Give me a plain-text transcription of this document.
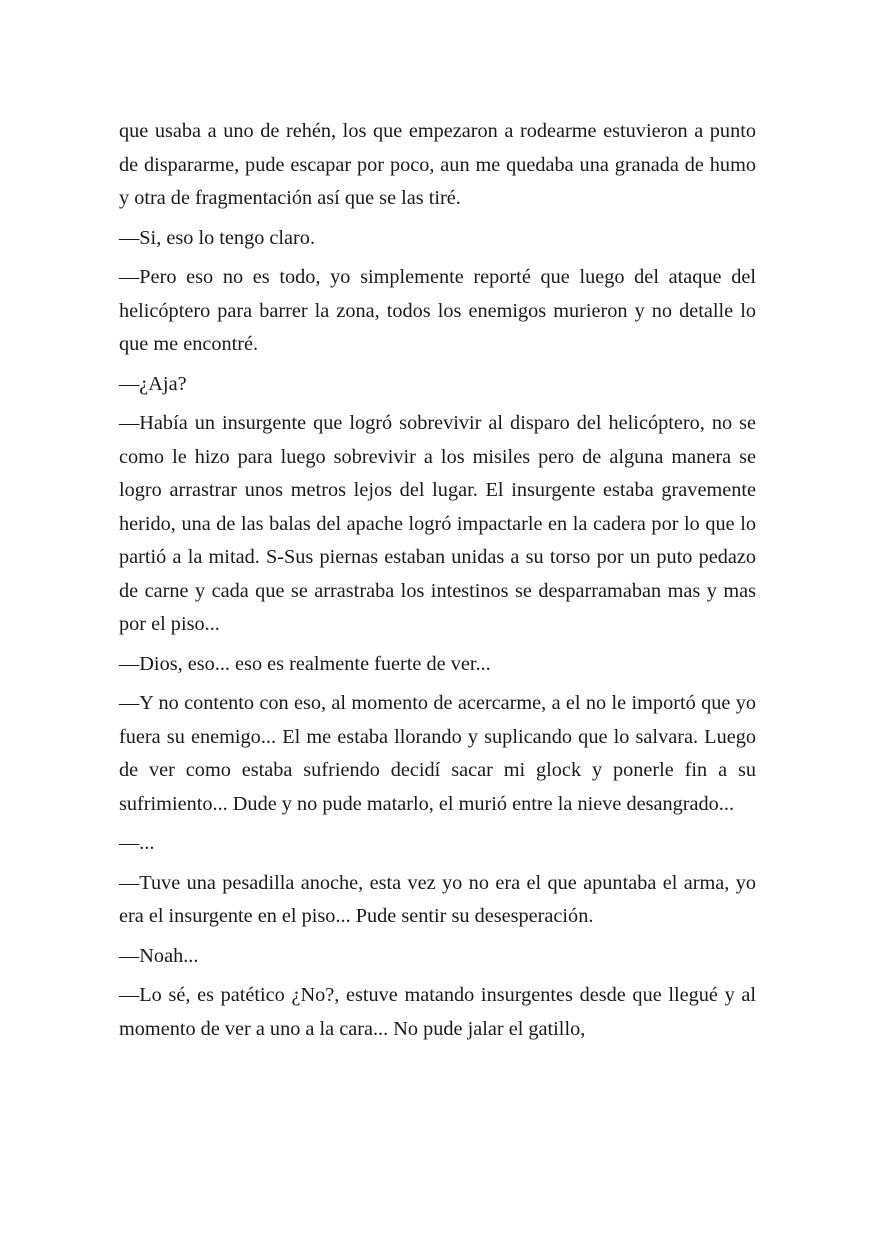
que usaba a uno de rehén, los que empezaron a rodearme estuvieron a punto de dispararme, pude escapar por poco, aun me quedaba una granada de humo y otra de fragmentación así que se las tiré.

—Si, eso lo tengo claro.

—Pero eso no es todo, yo simplemente reporté que luego del ataque del helicóptero para barrer la zona, todos los enemigos murieron y no detalle lo que me encontré.

—¿Aja?

—Había un insurgente que logró sobrevivir al disparo del helicóptero, no se como le hizo para luego sobrevivir a los misiles pero de alguna manera se logro arrastrar unos metros lejos del lugar. El insurgente estaba gravemente herido, una de las balas del apache logró impactarle en la cadera por lo que lo partió a la mitad. S-Sus piernas estaban unidas a su torso por un puto pedazo de carne y cada que se arrastraba los intestinos se desparramaban mas y mas por el piso...

—Dios, eso... eso es realmente fuerte de ver...

—Y no contento con eso, al momento de acercarme, a el no le importó que yo fuera su enemigo... El me estaba llorando y suplicando que lo salvara. Luego de ver como estaba sufriendo decidí sacar mi glock y ponerle fin a su sufrimiento... Dude y no pude matarlo, el murió entre la nieve desangrado...

—...

—Tuve una pesadilla anoche, esta vez yo no era el que apuntaba el arma, yo era el insurgente en el piso... Pude sentir su desesperación.

—Noah...

—Lo sé, es patético ¿No?, estuve matando insurgentes desde que llegué y al momento de ver a uno a la cara... No pude jalar el gatillo,
